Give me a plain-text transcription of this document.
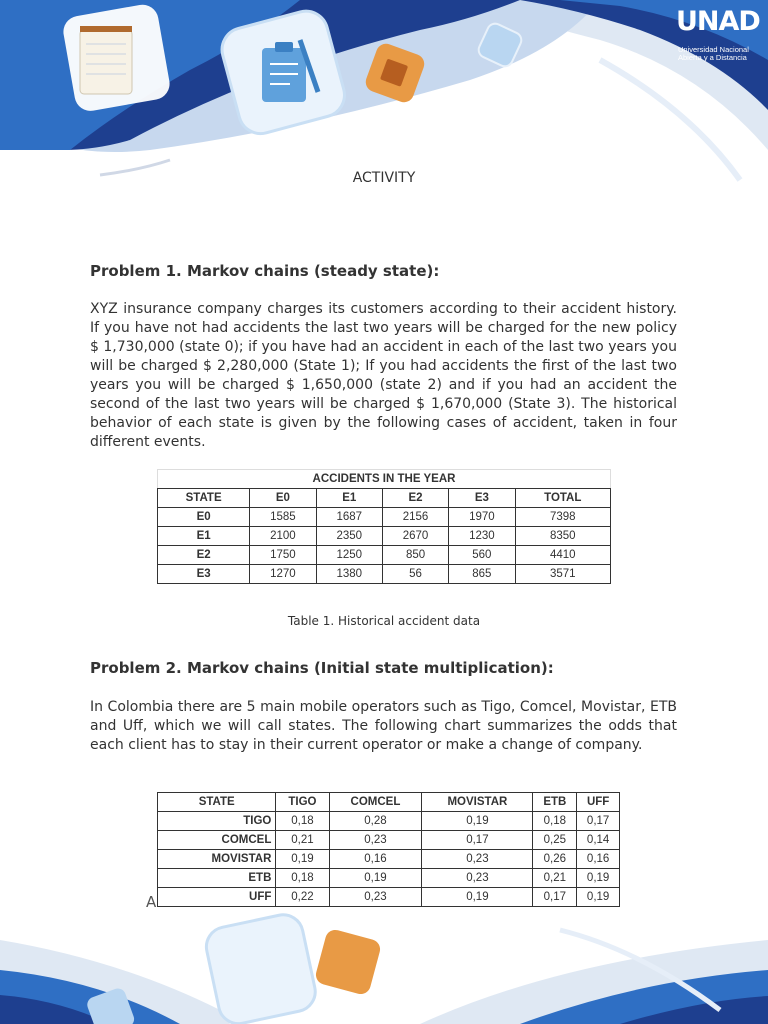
UNAD
Universidad Nacional
Abierta y a Distancia
ACTIVITY
Problem 1. Markov chains (steady state):
XYZ insurance company charges its customers according to their accident history. If you have not had accidents the last two years will be charged for the new policy $ 1,730,000 (state 0); if you have had an accident in each of the last two years you will be charged $ 2,280,000 (State 1); If you had accidents the first of the last two years you will be charged $ 1,650,000 (state 2) and if you had an accident the second of the last two years will be charged $ 1,670,000 (State 3). The historical behavior of each state is given by the following cases of accident, taken in four different events.
ACCIDENTS IN THE YEAR					
STATE	E0	E1	E2	E3	TOTAL
E0	1585	1687	2156	1970	7398
E1	2100	2350	2670	1230	8350
E2	1750	1250	850	560	4410
E3	1270	1380	56	865	3571
Table 1. Historical accident data
Problem 2. Markov chains (Initial state multiplication):
In Colombia there are 5 main mobile operators such as Tigo, Comcel, Movistar, ETB and Uff, which we will call states. The following chart summarizes the odds that each client has to stay in their current operator or make a change of company.
STATE	TIGO	COMCEL	MOVISTAR	ETB	UFF
TIGO	0,18	0,28	0,19	0,18	0,17
COMCEL	0,21	0,23	0,17	0,25	0,14
MOVISTAR	0,19	0,16	0,23	0,26	0,16
ETB	0,18	0,19	0,23	0,21	0,19
UFF	0,22	0,23	0,19	0,17	0,19
A
